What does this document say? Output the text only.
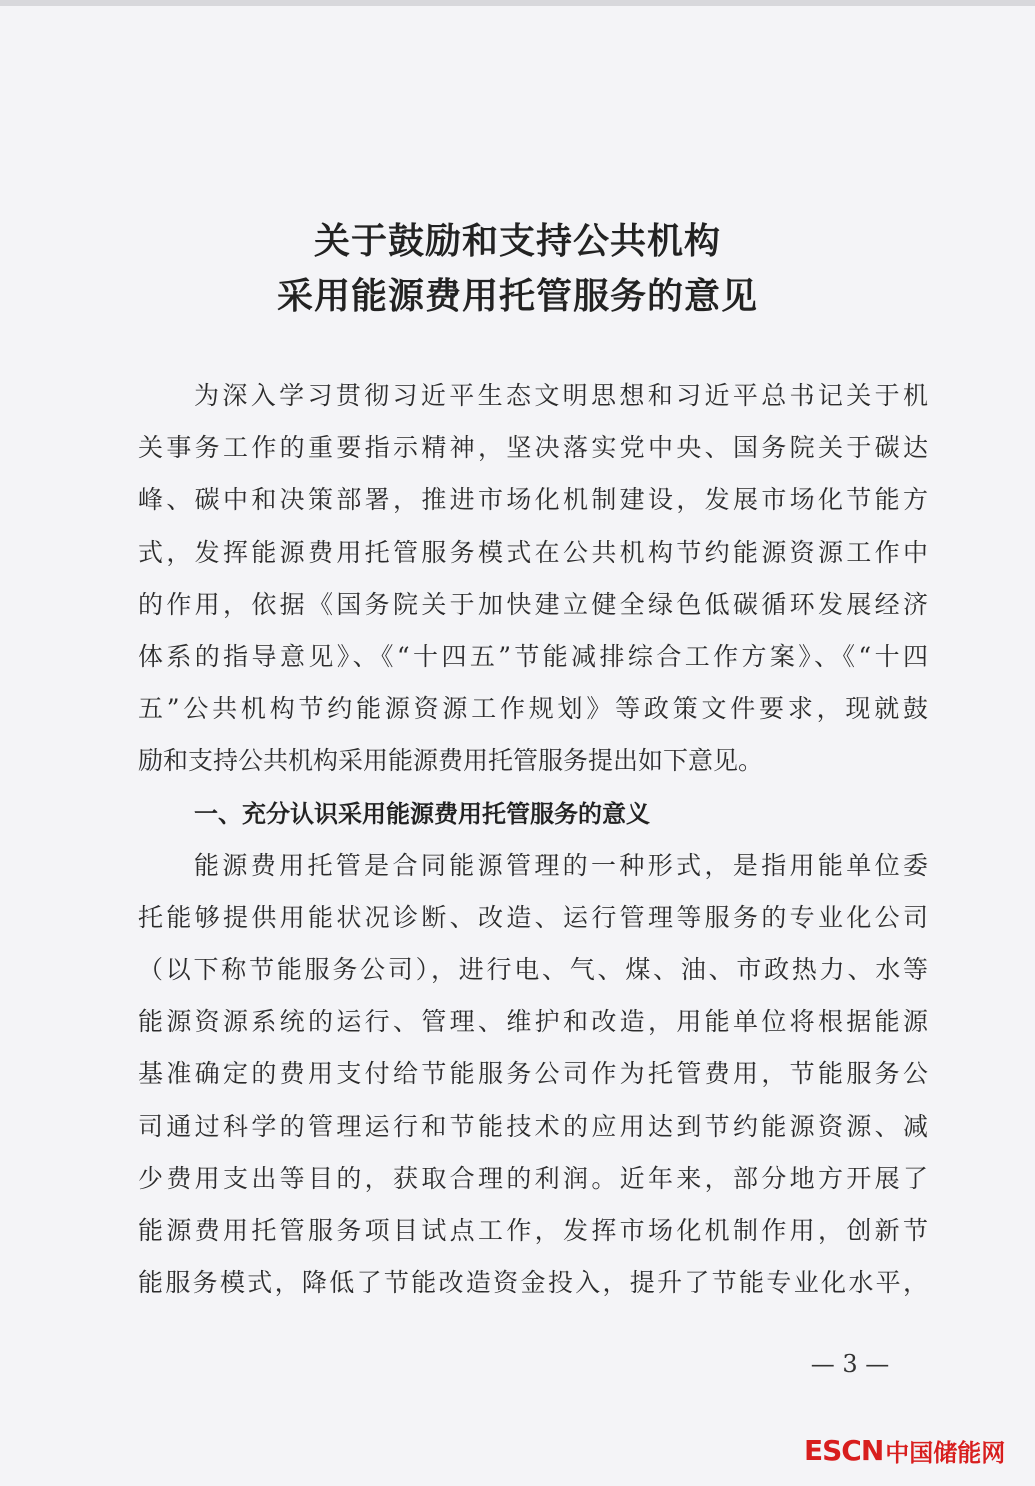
关于鼓励和支持公共机构
采用能源费用托管服务的意见
为深入学习贯彻习近平生态文明思想和习近平总书记关于机
关事务工作的重要指示精神，坚决落实党中央、国务院关于碳达
峰、碳中和决策部署，推进市场化机制建设，发展市场化节能方
式，发挥能源费用托管服务模式在公共机构节约能源资源工作中
的作用，依据《国务院关于加快建立健全绿色低碳循环发展经济
体系的指导意见》、《“十四五”节能减排综合工作方案》、《“十四
五”公共机构节约能源资源工作规划》等政策文件要求，现就鼓
励和支持公共机构采用能源费用托管服务提出如下意见。
一、充分认识采用能源费用托管服务的意义
能源费用托管是合同能源管理的一种形式，是指用能单位委
托能够提供用能状况诊断、改造、运行管理等服务的专业化公司
（以下称节能服务公司），进行电、气、煤、油、市政热力、水等
能源资源系统的运行、管理、维护和改造，用能单位将根据能源
基准确定的费用支付给节能服务公司作为托管费用，节能服务公
司通过科学的管理运行和节能技术的应用达到节约能源资源、减
少费用支出等目的，获取合理的利润。近年来，部分地方开展了
能源费用托管服务项目试点工作，发挥市场化机制作用，创新节
能服务模式，降低了节能改造资金投入，提升了节能专业化水平，
— 3 —
ESCN 中国储能网
